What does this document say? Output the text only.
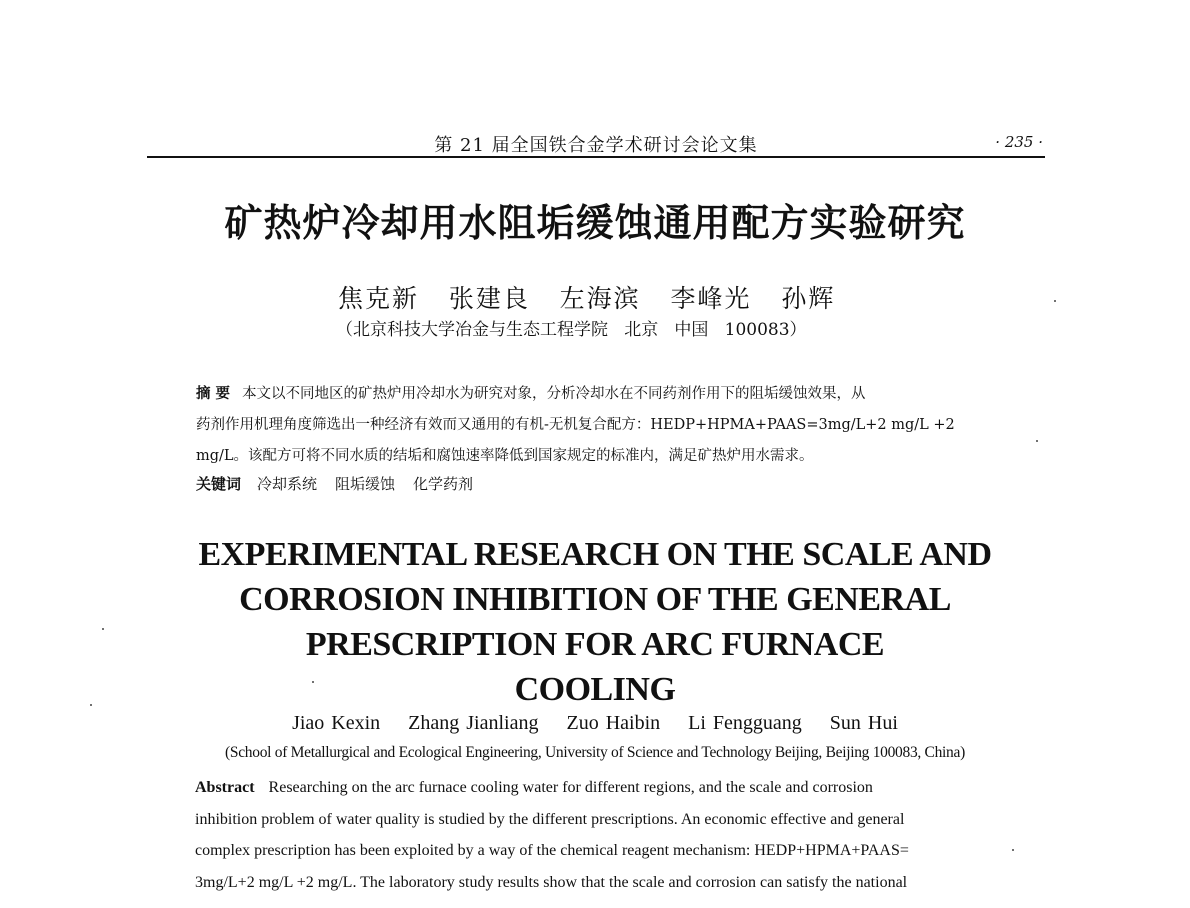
第 21 届全国铁合金学术研讨会论文集	· 235 ·
矿热炉冷却用水阻垢缓蚀通用配方实验研究
焦克新   张建良   左海滨   李峰光   孙辉
（北京科技大学冶金与生态工程学院   北京   中国   100083）
摘 要 本文以不同地区的矿热炉用冷却水为研究对象，分析冷却水在不同药剂作用下的阻垢缓蚀效果，从
药剂作用机理角度筛选出一种经济有效而又通用的有机-无机复合配方：HEDP+HPMA+PAAS=3mg/L+2 mg/L +2
mg/L。该配方可将不同水质的结垢和腐蚀速率降低到国家规定的标准内，满足矿热炉用水需求。
关键词 冷却系统 阻垢缓蚀 化学药剂
EXPERIMENTAL RESEARCH ON THE SCALE AND
CORROSION INHIBITION OF THE GENERAL
PRESCRIPTION FOR ARC FURNACE
COOLING
Jiao Kexin    Zhang Jianliang    Zuo Haibin    Li Fengguang    Sun Hui
(School of Metallurgical and Ecological Engineering, University of Science and Technology Beijing, Beijing 100083, China)
Abstract Researching on the arc furnace cooling water for different regions, and the scale and corrosion
inhibition problem of water quality is studied by the different prescriptions. An economic effective and general
complex prescription has been exploited by a way of the chemical reagent mechanism: HEDP+HPMA+PAAS=
3mg/L+2 mg/L +2 mg/L. The laboratory study results show that the scale and corrosion can satisfy the national
